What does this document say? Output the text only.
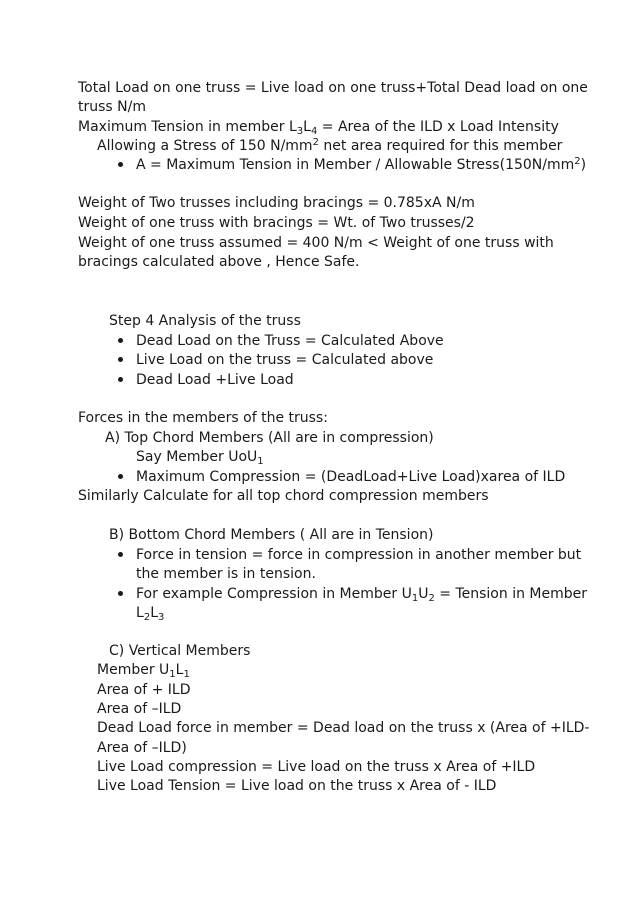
Total Load on one truss = Live load on one truss+Total Dead load on one
truss N/m
Maximum Tension in member $L_3L_4$ = Area of the ILD x Load Intensity
Allowing a Stress of 150 $N/mm^2$ net area required for this member
A = Maximum Tension in Member / Allowable $Stress(150N/mm^2)$
Weight of Two trusses including bracings = 0.785xA N/m
Weight of one truss with bracings = Wt. of Two trusses/2
Weight of one truss assumed = 400 N/m < Weight of one truss with
bracings calculated above , Hence Safe.
Step 4 Analysis of the truss
Dead Load on the Truss = Calculated Above
Live Load on the truss = Calculated above
Dead Load +Live Load
Forces in the members of the truss:
A) Top Chord Members (All are in compression)
Say Member UoU$_1$
Maximum Compression = (DeadLoad+Live Load)xarea of ILD
Similarly Calculate for all top chord compression members
B) Bottom Chord Members ( All are in Tension)
Force in tension = force in compression in another member but
the member is in tension.
For example Compression in Member $U_1U_2$ = Tension in Member
$L_2L_3$
C) Vertical Members
Member $U_1L_1$
Area of + ILD
Area of –ILD
Dead Load force in member = Dead load on the truss x (Area of +ILD-
Area of –ILD)
Live Load compression = Live load on the truss x Area of +ILD
Live Load Tension = Live load on the truss x Area of - ILD
